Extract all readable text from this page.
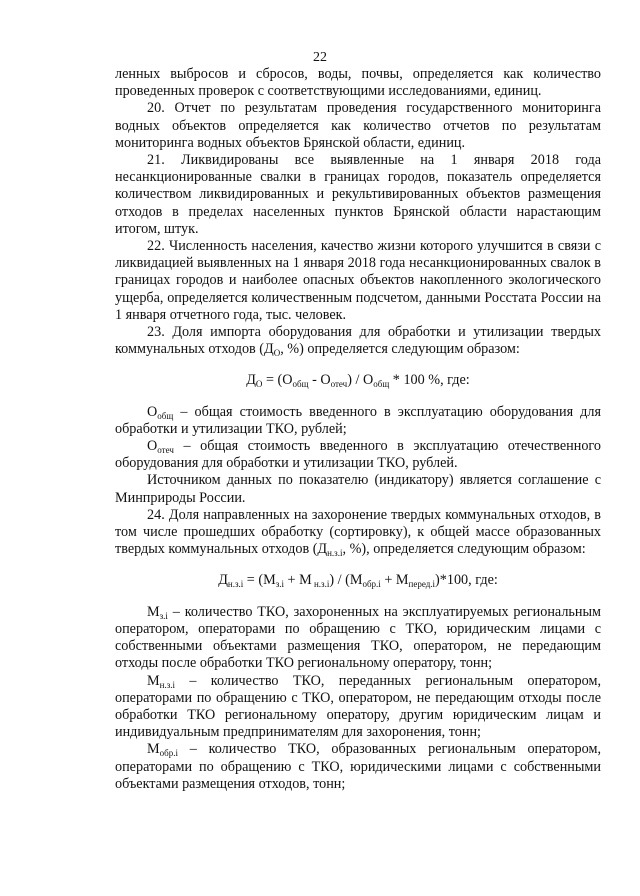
22

ленных выбросов и сбросов, воды, почвы, определяется как количество проведенных проверок с соответствующими исследованиями, единиц.

20. Отчет по результатам проведения государственного мониторинга водных объектов определяется как количество отчетов по результатам мониторинга водных объектов Брянской области, единиц.

21. Ликвидированы все выявленные на 1 января 2018 года несанкционированные свалки в границах городов, показатель определяется количеством ликвидированных и рекультивированных объектов размещения отходов в пределах населенных пунктов Брянской области нарастающим итогом, штук.

22. Численность населения, качество жизни которого улучшится в связи с ликвидацией выявленных на 1 января 2018 года несанкционированных свалок в границах городов и наиболее опасных объектов накопленного экологического ущерба, определяется количественным подсчетом, данными Росстата России на 1 января отчетного года, тыс. человек.

23. Доля импорта оборудования для обработки и утилизации твердых коммунальных отходов ($Д_О$, %) определяется следующим образом:

$Д_О = (О_{общ} - О_{отеч}) / О_{общ} * 100$ %, где:

$О_{общ}$ – общая стоимость введенного в эксплуатацию оборудования для обработки и утилизации ТКО, рублей;

$О_{отеч}$ – общая стоимость введенного в эксплуатацию отечественного оборудования для обработки и утилизации ТКО, рублей.

Источником данных по показателю (индикатору) является соглашение с Минприроды России.

24. Доля направленных на захоронение твердых коммунальных отходов, в том числе прошедших обработку (сортировку), к общей массе образованных твердых коммунальных отходов ($Д_{н.з.i}$, %), определяется следующим образом:

$Д_{н.з.i} = (М_{з.i} + М$ $_{н.з.i}) / (М_{обр.i} + М_{перед.i})*100$, где:

$М_{з.i}$ – количество ТКО, захороненных на эксплуатируемых региональным оператором, операторами по обращению с ТКО, юридическим лицами с собственными объектами размещения ТКО, оператором, не передающим отходы после обработки ТКО региональному оператору, тонн;

$М_{н.з.i}$ – количество ТКО, переданных региональным оператором, операторами по обращению с ТКО, оператором, не передающим отходы после обработки ТКО региональному оператору, другим юридическим лицам и индивидуальным предпринимателям для захоронения, тонн;

$М_{обр.i}$ – количество ТКО, образованных региональным оператором, операторами по обращению с ТКО, юридическими лицами с собственными объектами размещения отходов, тонн;
